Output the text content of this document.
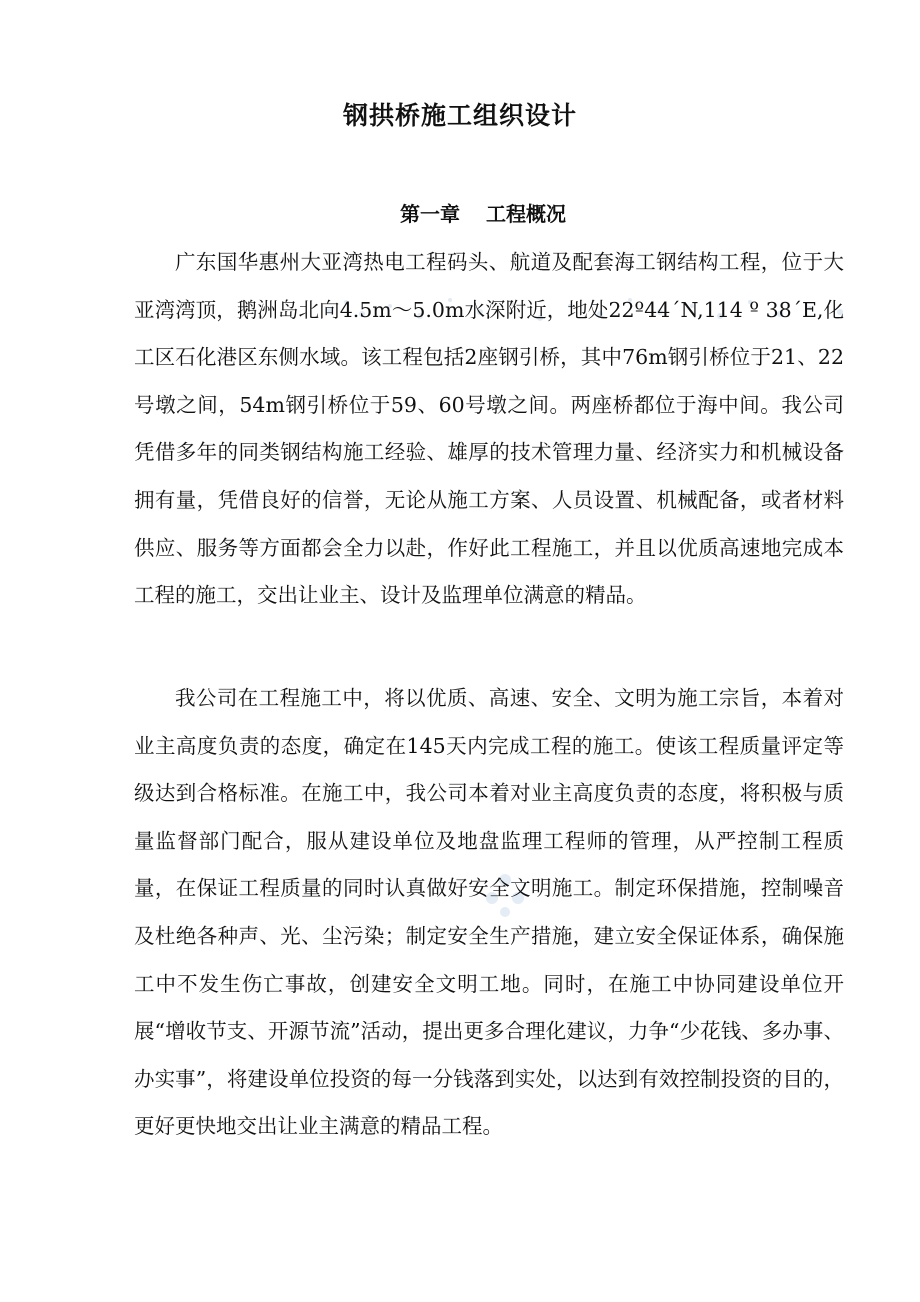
钢拱桥施工组织设计
第一章 工程概况

广东国华惠州大亚湾热电工程码头、航道及配套海工钢结构工程，位于大亚湾湾顶，鹅洲岛北向4.5m～5.0m水深附近，地处22º44΄N,114 º 38΄E,化工区石化港区东侧水域。该工程包括2座钢引桥，其中76m钢引桥位于21、22号墩之间，54m钢引桥位于59、60号墩之间。两座桥都位于海中间。我公司凭借多年的同类钢结构施工经验、雄厚的技术管理力量、经济实力和机械设备拥有量，凭借良好的信誉，无论从施工方案、人员设置、机械配备，或者材料供应、服务等方面都会全力以赴，作好此工程施工，并且以优质高速地完成本工程的施工，交出让业主、设计及监理单位满意的精品。

我公司在工程施工中，将以优质、高速、安全、文明为施工宗旨，本着对业主高度负责的态度，确定在145天内完成工程的施工。使该工程质量评定等级达到合格标准。在施工中，我公司本着对业主高度负责的态度，将积极与质量监督部门配合，服从建设单位及地盘监理工程师的管理，从严控制工程质量，在保证工程质量的同时认真做好安全文明施工。制定环保措施，控制噪音及杜绝各种声、光、尘污染；制定安全生产措施，建立安全保证体系，确保施工中不发生伤亡事故，创建安全文明工地。同时，在施工中协同建设单位开展“增收节支、开源节流”活动，提出更多合理化建议，力争“少花钱、多办事、办实事”，将建设单位投资的每一分钱落到实处，以达到有效控制投资的目的，更好更快地交出让业主满意的精品工程。
